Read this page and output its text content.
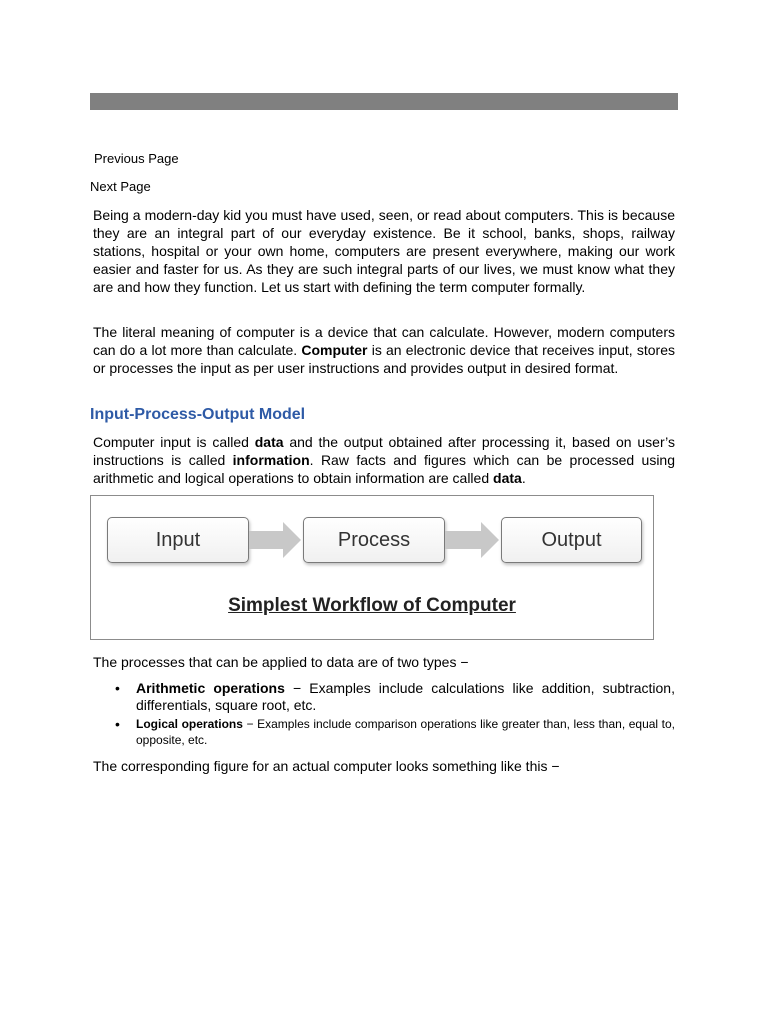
Previous Page
Next Page

Being a modern-day kid you must have used, seen, or read about computers. This is because they are an integral part of our everyday existence. Be it school, banks, shops, railway stations, hospital or your own home, computers are present everywhere, making our work easier and faster for us. As they are such integral parts of our lives, we must know what they are and how they function. Let us start with defining the term computer formally.

The literal meaning of computer is a device that can calculate. However, modern computers can do a lot more than calculate. Computer is an electronic device that receives input, stores or processes the input as per user instructions and provides output in desired format.

Input-Process-Output Model

Computer input is called data and the output obtained after processing it, based on user’s instructions is called information. Raw facts and figures which can be processed using arithmetic and logical operations to obtain information are called data.

Input	Process	Output
Simplest Workflow of Computer

The processes that can be applied to data are of two types −

• Arithmetic operations − Examples include calculations like addition, subtraction, differentials, square root, etc.
• Logical operations − Examples include comparison operations like greater than, less than, equal to, opposite, etc.

The corresponding figure for an actual computer looks something like this −
